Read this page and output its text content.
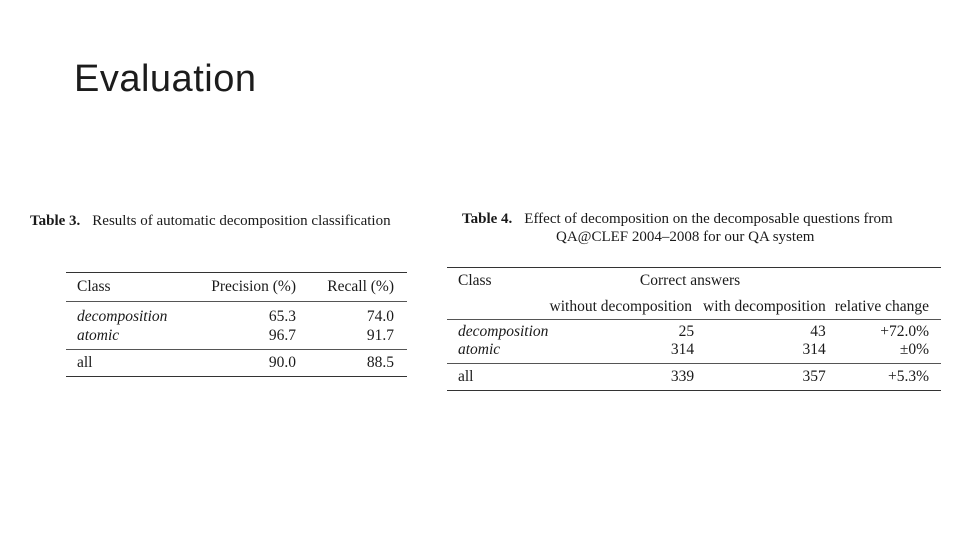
Evaluation
Table 3. Results of automatic decomposition classification
Class	Precision (%)	Recall (%)
decomposition	65.3	74.0
atomic	96.7	91.7
all	90.0	88.5
Table 4. Effect of decomposition on the decomposable questions from
QA@CLEF 2004–2008 for our QA system
Class	Correct answers		
	without decomposition	with decomposition	relative change
decomposition	25	43	+72.0%
atomic	314	314	±0%
all	339	357	+5.3%
